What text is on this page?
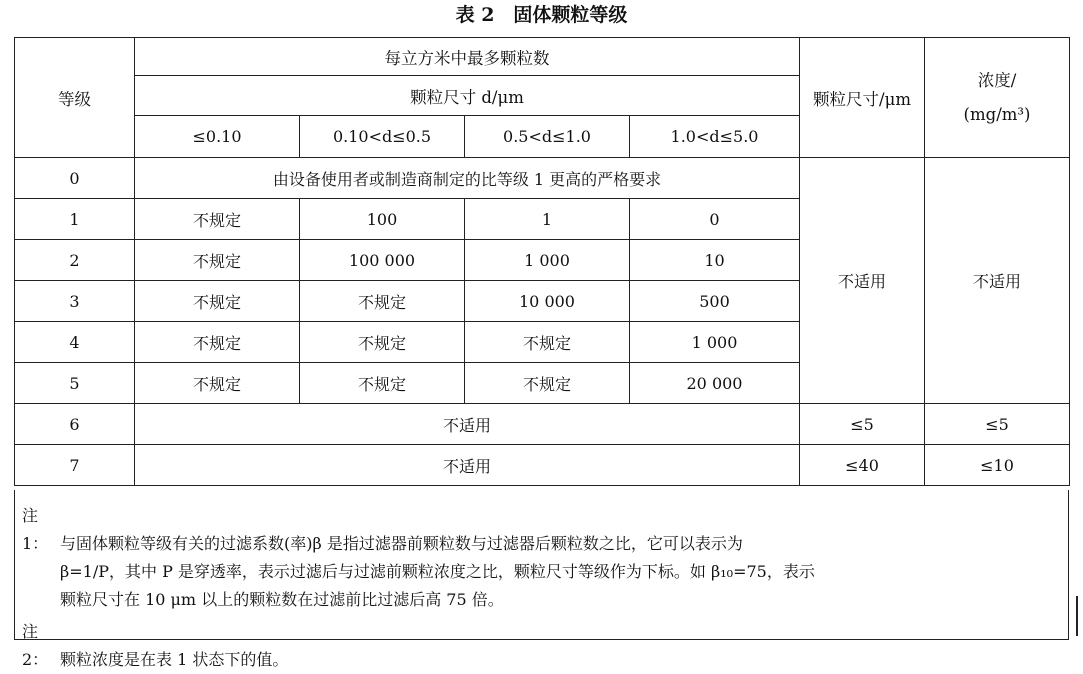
表 2　固体颗粒等级
等级	每立方米中最多颗粒数				颗粒尺寸/μm	浓度/
(mg/m³)
	颗粒尺寸 d/μm					
	≤0.10	0.10<d≤0.5	0.5<d≤1.0	1.0<d≤5.0		
0	由设备使用者或制造商制定的比等级 1 更高的严格要求				不适用	不适用
1	不规定	100	1	0		
2	不规定	100 000	1 000	10		
3	不规定	不规定	10 000	500		
4	不规定	不规定	不规定	1 000		
5	不规定	不规定	不规定	20 000		
6	不适用				≤5	≤5
7	不适用				≤40	≤10

注 1： 与固体颗粒等级有关的过滤系数(率)β 是指过滤器前颗粒数与过滤器后颗粒数之比，它可以表示为

β=1/P，其中 P 是穿透率，表示过滤后与过滤前颗粒浓度之比，颗粒尺寸等级作为下标。如 β₁₀=75，表示

颗粒尺寸在 10 μm 以上的颗粒数在过滤前比过滤后高 75 倍。

注 2： 颗粒浓度是在表 1 状态下的值。
